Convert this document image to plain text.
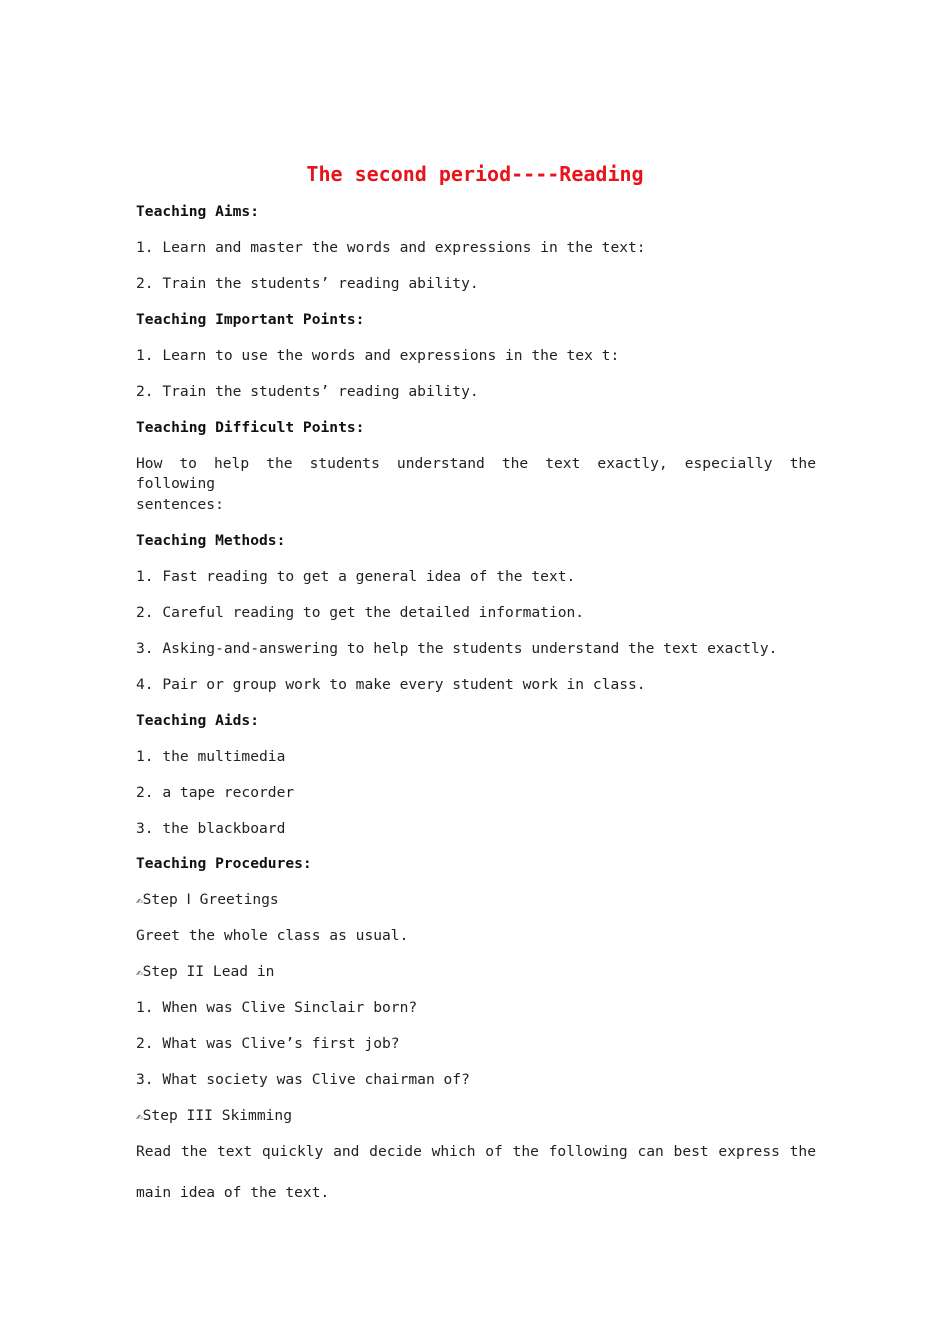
The second period----Reading
Teaching Aims:
1. Learn and master the words and expressions in the text:
2. Train the students’ reading ability.
Teaching Important Points:
1. Learn to use the words and expressions in the tex t:
2. Train the students’ reading ability.
Teaching Difficult Points:
How to help the students understand the text exactly, especially the following
sentences:
Teaching Methods:
1. Fast reading to get a general idea of the text.
2. Careful reading to get the detailed information.
3. Asking-and-answering to help the students understand the text exactly.
4. Pair or group work to make every student work in class.
Teaching Aids:
1. the multimedia
2. a tape recorder
3. the blackboard
Teaching Procedures:
✍Step Ⅰ Greetings
Greet the whole class as usual.
✍Step II Lead in
1. When was Clive Sinclair born?
2. What was Clive’s first job?
3. What society was Clive chairman of?
✍Step III Skimming
Read the text quickly and decide which of the following can best express the
main idea of the text.
